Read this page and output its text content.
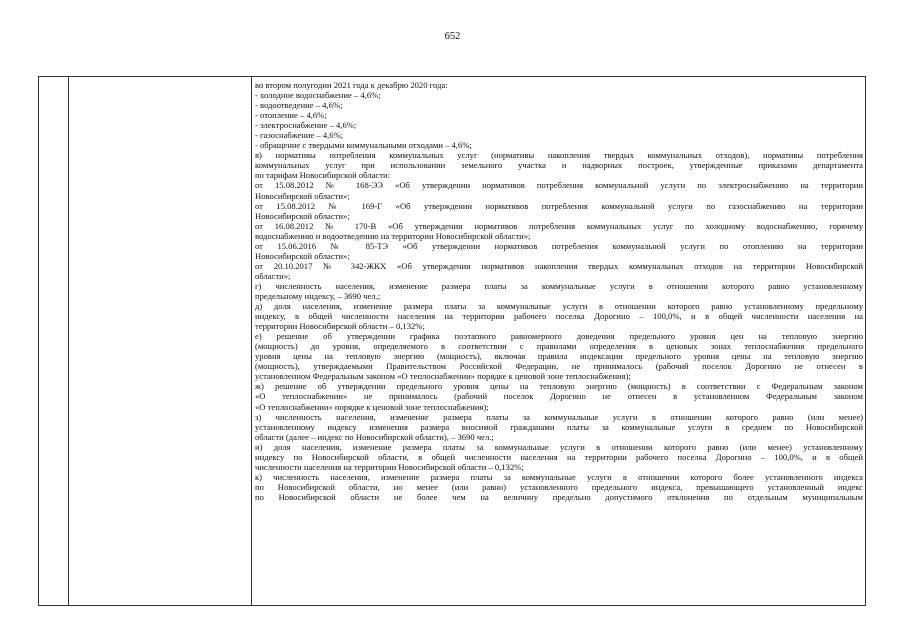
652
во втором полугодии 2021 года к декабрю 2020 года:
- холодное водоснабжение – 4,6%;
- водоотведение – 4,6%;
- отопление – 4,6%;
- электроснабжение – 4,6%;
- газоснабжение – 4,6%;
- обращение с твердыми коммунальными отходами – 4,6%;
в) нормативы потребления коммунальных услуг (нормативы накопления твердых коммунальных отходов), нормативы потребления
коммунальных услуг при использовании земельного участка и надворных построек, утвержденные приказами департамента
по тарифам Новосибирской области:
от 15.08.2012 № 168-ЭЭ «Об утверждении нормативов потребления коммунальной услуги по электроснабжению на территории
Новосибирской области»;
от 15.08.2012 № 169-Г «Об утверждении нормативов потребления коммунальной услуги по газоснабжению на территории
Новосибирской области»;
от 16.08.2012 № 170-В «Об утверждении нормативов потребления коммунальных услуг по холодному водоснабжению, горячему
водоснабжению и водоотведению на территории Новосибирской области»;
от 15.06.2016 № 85-ТЭ «Об утверждении нормативов потребления коммунальной услуги по отоплению на территории
Новосибирской области»;
от 20.10.2017 № 342-ЖКХ «Об утверждении нормативов накопления твердых коммунальных отходов на территории Новосибирской
области»;
г) численность населения, изменение размера платы за коммунальные услуги в отношении которого равно установленному
предельному индексу, – 3690 чел.;
д) доля населения, изменение размера платы за коммунальные услуги в отношении которого равно установленному предельному
индексу, в общей численности населения на территории рабочего поселка Дорогино – 100,0%, и в общей численности населения на
территории Новосибирской области – 0,132%;
е) решение об утверждении графика поэтапного равномерного доведения предельного уровня цен на тепловую энергию
(мощность) до уровня, определяемого в соответствии с правилами определения в ценовых зонах теплоснабжения предельного
уровня цены на тепловую энергию (мощность), включая правила индексации предельного уровня цены на тепловую энергию
(мощность), утверждаемыми Правительством Российской Федерации, не принималось (рабочий поселок Дорогино не отнесен в
установленном Федеральным законом «О теплоснабжении» порядке к ценовой зоне теплоснабжения);
ж) решение об утверждении предельного уровня цены на тепловую энергию (мощность) в соответствии с Федеральным законом
«О теплоснабжении» не принималось (рабочий поселок Дорогино не отнесен в установленном Федеральным законом
«О теплоснабжении» порядке к ценовой зоне теплоснабжения);
з) численность населения, изменение размера платы за коммунальные услуги в отношении которого равно (или менее)
установленному индексу изменения размера вносимой гражданами платы за коммунальные услуги в среднем по Новосибирской
области (далее – индекс по Новосибирской области), – 3690 чел.;
и) доля населения, изменение размера платы за коммунальные услуги в отношении которого равно (или менее) установленному
индексу по Новосибирской области, в общей численности населения на территории рабочего поселка Дорогино – 100,0%, и в общей
численности населения на территории Новосибирской области – 0,132%;
к) численность населения, изменение размера платы за коммунальные услуги в отношении которого более установленного индекса
по Новосибирской области, но менее (или равно) установленного предельного индекса, превышающего установленный индекс
по Новосибирской области не более чем на величину предельно допустимого отклонения по отдельным муниципальным
